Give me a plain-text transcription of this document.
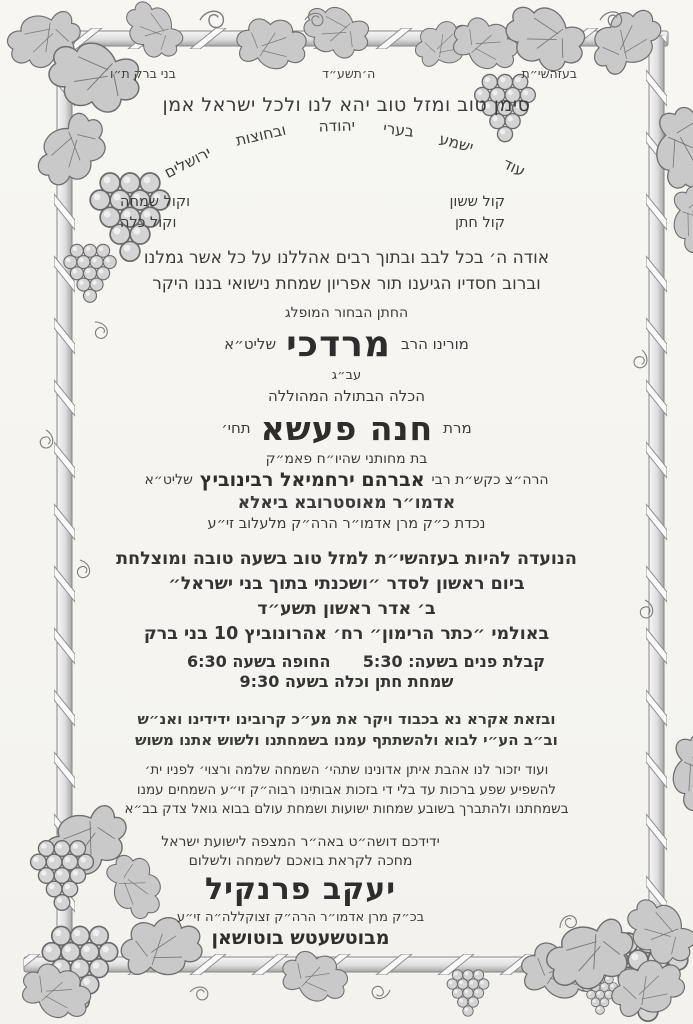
בעזהשי״ת
ה׳תשע״ד
בני ברק ת״ו
סימן טוב ומזל טוב יהא לנו ולכל ישראל אמן
עוד
ישמע
בערי
יהודה
ובחוצות
ירושלים
קול ששון
וקול שמחה
קול חתן
וקול כלה
אודה ה׳ בכל לבב ובתוך רבים אהללנו על כל אשר גמלנו
וברוב חסדיו הגיענו תור אפריון שמחת נישואי בננו היקר
החתן הבחור המופלג
מורינו הרב
מרדכי
שליט״א
עב״ג
הכלה הבתולה המהוללה
מרת
חנה פעשא
תחי׳
בת מחותני שהיו״ח פאמ״ק
הרה״צ כקש״ת רבי
אברהם ירחמיאל רבינוביץ
שליט״א
אדמו״ר מאוסטרובא ביאלא
נכדת כ״ק מרן אדמו״ר הרה״ק מלעלוב זי״ע
הנועדה להיות בעזהשי״ת למזל טוב בשעה טובה ומוצלחת
ביום ראשון לסדר ״ושכנתי בתוך בני ישראל״
ב׳ אדר ראשון תשע״ד
באולמי ״כתר הרימון״ רח׳ אהרונוביץ 10 בני ברק
קבלת פנים בשעה: 5:30
החופה בשעה 6:30
שמחת חתן וכלה בשעה 9:30
ובזאת אקרא נא בכבוד ויקר את מע״כ קרובינו ידידינו ואנ״ש
וב״ב הע״י לבוא ולהשתתף עמנו בשמחתנו ולשוש אתנו משוש
ועוד יזכור לנו אהבת איתן אדונינו שתהי׳ השמחה שלמה ורצוי׳ לפניו ית׳
להשפיע שפע ברכות עד בלי די בזכות אבותינו רבוה״ק זי״ע השמחים עמנו
בשמחתנו ולהתברך בשובע שמחות ישועות ושמחת עולם בבוא גואל צדק בב״א
ידידכם דושה״ט באה״ר המצפה לישועת ישראל
מחכה לקראת בואכם לשמחה ולשלום
יעקב פרנקיל
בכ״ק מרן אדמו״ר הרה״ק זצוקללה״ה זי״ע
מבוטשעטש בוטושאן
